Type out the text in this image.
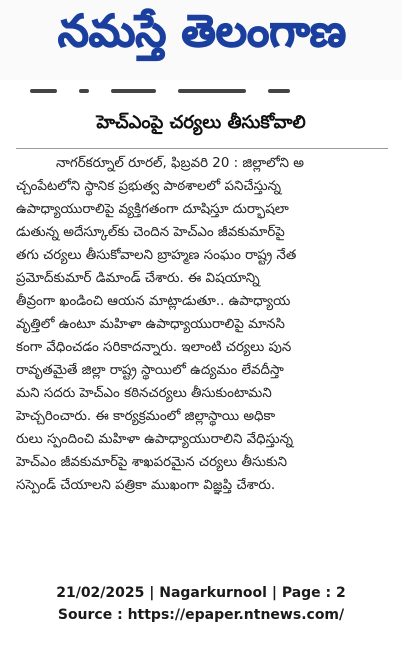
నమస్తే తెలంగాణ
హెచ్ఎంపై చర్యలు తీసుకోవాలి
నాగర్‌కర్నూల్ రూరల్, ఫిబ్రవరి 20 : జిల్లాలోని అ
చ్చంపేటలోని స్థానిక ప్రభుత్వ పాఠశాలలో పనిచేస్తున్న
ఉపాధ్యాయురాలిపై వ్యక్తిగతంగా దూషిస్తూ దుర్భాషలా
డుతున్న అదేస్కూల్‌కు చెందిన హెచ్ఎం జీవకుమార్‌పై
తగు చర్యలు తీసుకోవాలని బ్రాహ్మణ సంఘం రాష్ట్ర నేత
ప్రమోద్‌కుమార్ డిమాండ్ చేశారు. ఈ విషయాన్ని
తీవ్రంగా ఖండించి ఆయన మాట్లాడుతూ.. ఉపాధ్యాయ
వృత్తిలో ఉంటూ మహిళా ఉపాధ్యాయురాలిపై మానసి
కంగా వేధించడం సరికాదన్నారు. ఇలాంటి చర్యలు పున
రావృతమైతే జిల్లా రాష్ట్ర స్థాయిలో ఉద్యమం లేవదీస్తా
మని సదరు హెచ్ఎం కఠినచర్యలు తీసుకుంటామని
హెచ్చరించారు. ఈ కార్యక్రమంలో జిల్లాస్థాయి అధికా
రులు స్పందించి మహిళా ఉపాధ్యాయురాలిని వేధిస్తున్న
హెచ్ఎం జీవకుమార్‌పై శాఖపరమైన చర్యలు తీసుకుని
సస్పెండ్ చేయాలని పత్రికా ముఖంగా విజ్ఞప్తి చేశారు.
21/02/2025 | Nagarkurnool | Page : 2
Source : https://epaper.ntnews.com/
